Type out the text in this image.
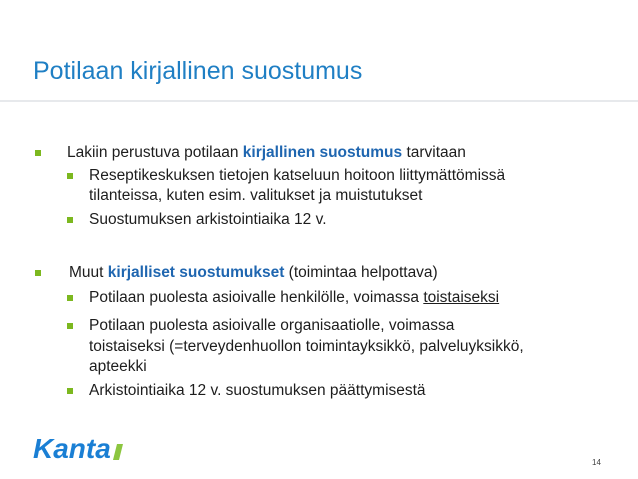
Potilaan kirjallinen suostumus
Lakiin perustuva potilaan kirjallinen suostumus tarvitaan
Reseptikeskuksen tietojen katseluun hoitoon liittymättömissä
tilanteissa, kuten esim. valitukset ja muistutukset
Suostumuksen arkistointiaika 12 v.
Muut kirjalliset suostumukset (toimintaa helpottava)
Potilaan puolesta asioivalle henkilölle, voimassa toistaiseksi
Potilaan puolesta asioivalle organisaatiolle, voimassa
toistaiseksi (=terveydenhuollon toimintayksikkö, palveluyksikkö,
apteekki
Arkistointiaika 12 v. suostumuksen päättymisestä
Kanta	14
